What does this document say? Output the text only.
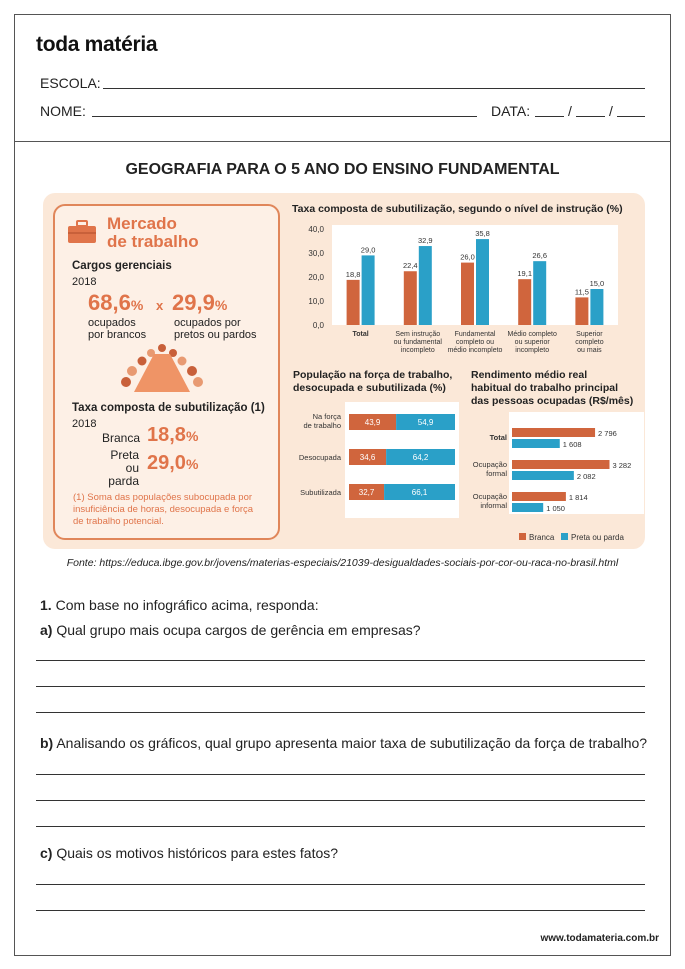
toda matéria
ESCOLA:
NOME:	DATA:	/	/
GEOGRAFIA PARA O 5 ANO DO ENSINO FUNDAMENTAL
Mercado
de trabalho
Cargos gerenciais
2018
68,6% x 29,9%
ocupados
por brancos
ocupados por
pretos ou pardos
Taxa composta de subutilização (1)
2018
Branca 18,8%
Preta
ou parda
29,0%
(1) Soma das populações subocupada por
insuficiência de horas, desocupada e força
de trabalho potencial.
Taxa composta de subutilização, segundo o nível de instrução (%)
40,0
30,0
20,0
10,0
0,0
18,8
29,0
Total
22,4
32,9
Sem instrução
ou fundamental
incompleto
26,0
35,8
Fundamental
completo ou
médio incompleto
19,1
26,6
Médio completo
ou superior
incompleto
11,5
15,0
Superior
completo
ou mais
População na força de trabalho,
desocupada e subutilizada (%)
43,9	54,9
Na força
de trabalho
34,6	64,2
Desocupada
32,7	66,1
Subutilizada
Rendimento médio real
habitual do trabalho principal
das pessoas ocupadas (R$/mês)
2 796
1 608
Total
3 282
2 082
Ocupação
formal
1 814
1 050
Ocupação
informal
Branca Preta ou parda
Fonte: https://educa.ibge.gov.br/jovens/materias-especiais/21039-desigualdades-sociais-por-cor-ou-raca-no-brasil.html
1. Com base no infográfico acima, responda:
a) Qual grupo mais ocupa cargos de gerência em empresas?
b) Analisando os gráficos, qual grupo apresenta maior taxa de subutilização da força de trabalho?
c) Quais os motivos históricos para estes fatos?
www.todamateria.com.br
